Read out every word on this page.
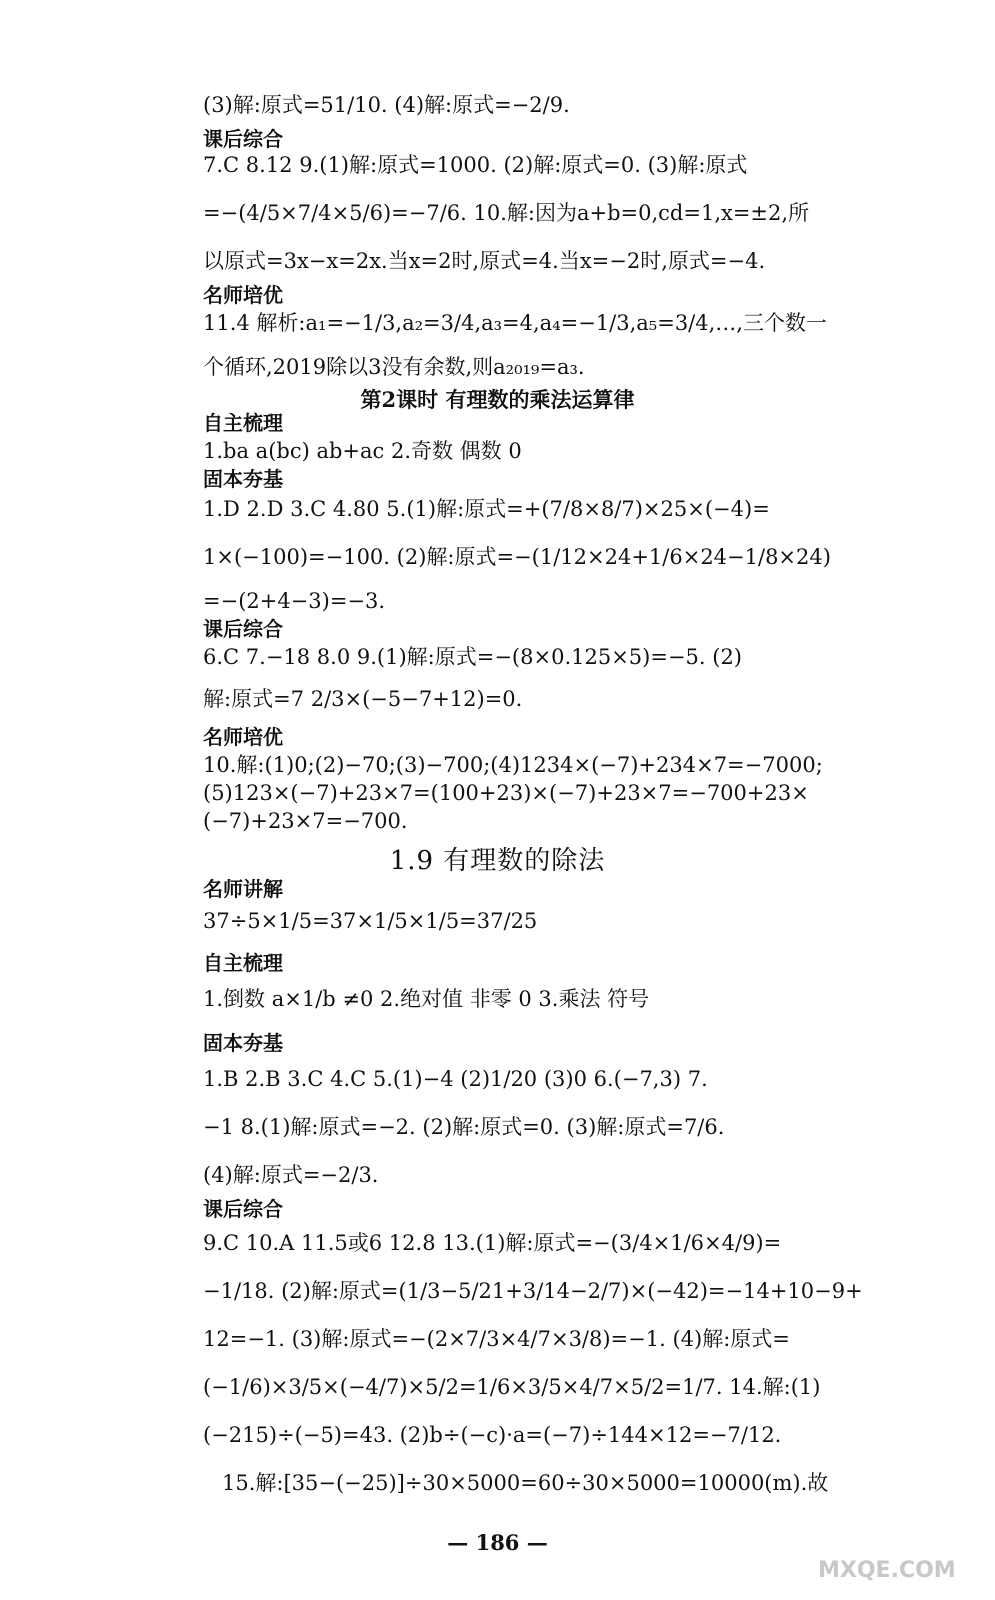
(3)解:原式=51/10. (4)解:原式=−2/9.
课后综合
7.C 8.12 9.(1)解:原式=1000. (2)解:原式=0. (3)解:原式
=−(4/5×7/4×5/6)=−7/6. 10.解:因为a+b=0,cd=1,x=±2,所
以原式=3x−x=2x.当x=2时,原式=4.当x=−2时,原式=−4.
名师培优
11.4 解析:a₁=−1/3,a₂=3/4,a₃=4,a₄=−1/3,a₅=3/4,…,三个数一
个循环,2019除以3没有余数,则a₂₀₁₉=a₃.
第2课时 有理数的乘法运算律
自主梳理
1.ba a(bc) ab+ac 2.奇数 偶数 0
固本夯基
1.D 2.D 3.C 4.80 5.(1)解:原式=+(7/8×8/7)×25×(−4)=
1×(−100)=−100. (2)解:原式=−(1/12×24+1/6×24−1/8×24)
=−(2+4−3)=−3.
课后综合
6.C 7.−18 8.0 9.(1)解:原式=−(8×0.125×5)=−5. (2)
解:原式=7 2/3×(−5−7+12)=0.
名师培优
10.解:(1)0;(2)−70;(3)−700;(4)1234×(−7)+234×7=−7000;
(5)123×(−7)+23×7=(100+23)×(−7)+23×7=−700+23×
(−7)+23×7=−700.
1.9 有理数的除法
名师讲解
37÷5×1/5=37×1/5×1/5=37/25
自主梳理
1.倒数 a×1/b ≠0 2.绝对值 非零 0 3.乘法 符号
固本夯基
1.B 2.B 3.C 4.C 5.(1)−4 (2)1/20 (3)0 6.(−7,3) 7.
−1 8.(1)解:原式=−2. (2)解:原式=0. (3)解:原式=7/6.
(4)解:原式=−2/3.
课后综合
9.C 10.A 11.5或6 12.8 13.(1)解:原式=−(3/4×1/6×4/9)=
−1/18. (2)解:原式=(1/3−5/21+3/14−2/7)×(−42)=−14+10−9+
12=−1. (3)解:原式=−(2×7/3×4/7×3/8)=−1. (4)解:原式=
(−1/6)×3/5×(−4/7)×5/2=1/6×3/5×4/7×5/2=1/7. 14.解:(1)
(−215)÷(−5)=43. (2)b÷(−c)·a=(−7)÷144×12=−7/12.
15.解:[35−(−25)]÷30×5000=60÷30×5000=10000(m).故
— 186 —
MXQE.COM
